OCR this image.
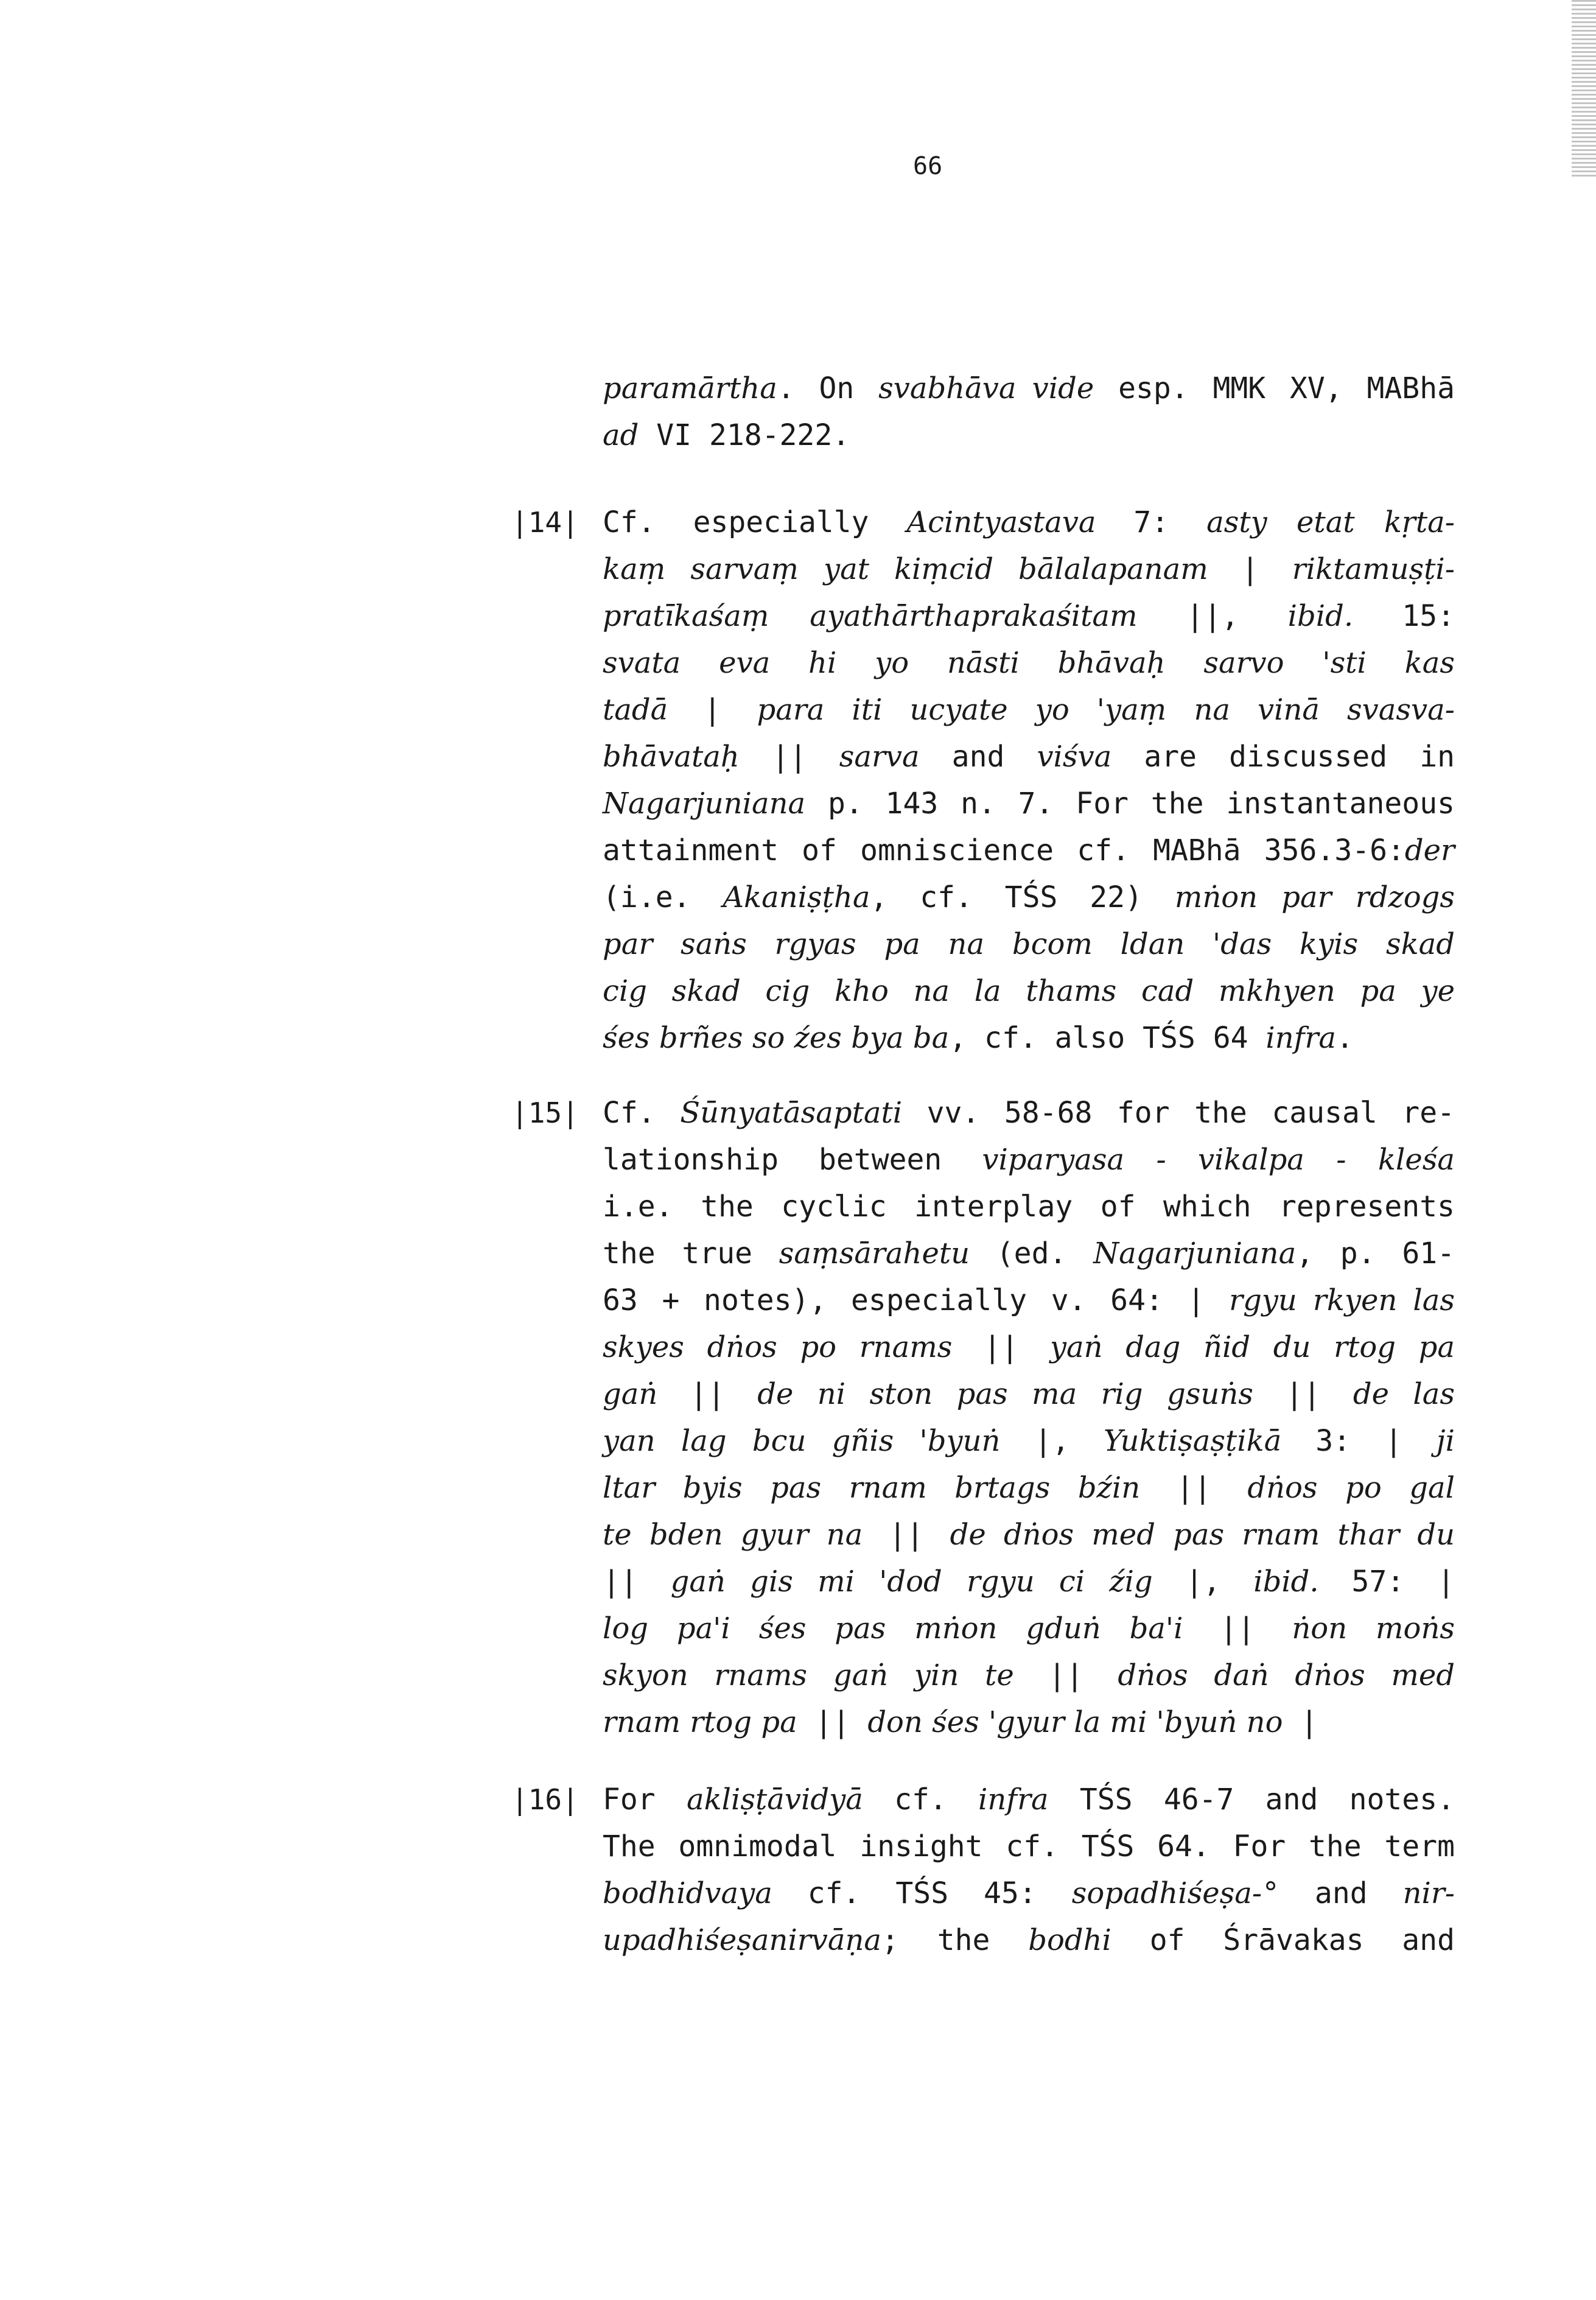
66

paramārtha. On svabhāva vide esp. MMK XV, MABhā

ad VI 218-222.

|14| Cf. especially Acintyastava 7: asty etat kṛta-

kaṃ sarvaṃ yat kiṃcid bālalapanam | riktamuṣṭi-

pratīkaśaṃ ayathārthaprakaśitam ||, ibid. 15:

svata eva hi yo nāsti bhāvaḥ sarvo 'sti kas

tadā | para iti ucyate yo 'yaṃ na vinā svasva-

bhāvataḥ || sarva and viśva are discussed in

Nagarjuniana p. 143 n. 7. For the instantaneous

attainment of omniscience cf. MABhā 356.3-6:der

(i.e. Akaniṣṭha, cf. TŚS 22) mṅon par rdzogs

par saṅs rgyas pa na bcom ldan 'das kyis skad

cig skad cig kho na la thams cad mkhyen pa ye

śes brñes so źes bya ba, cf. also TŚS 64 infra.

|15| Cf. Śūnyatāsaptati vv. 58-68 for the causal re-

lationship between viparyasa - vikalpa - kleśa

i.e. the cyclic interplay of which represents

the true saṃsārahetu (ed. Nagarjuniana, p. 61-

63 + notes), especially v. 64: | rgyu rkyen las

skyes dṅos po rnams || yaṅ dag ñid du rtog pa

gaṅ || de ni ston pas ma rig gsuṅs || de las

yan lag bcu gñis 'byuṅ |, Yuktiṣaṣṭikā 3: | ji

ltar byis pas rnam brtags bźin || dṅos po gal

te bden gyur na || de dṅos med pas rnam thar du

|| gaṅ gis mi 'dod rgyu ci źig |, ibid. 57: |

log pa'i śes pas mṅon gduṅ ba'i || ṅon moṅs

skyon rnams gaṅ yin te || dṅos daṅ dṅos med

rnam rtog pa || don śes 'gyur la mi 'byuṅ no |

|16| For akliṣṭāvidyā cf. infra TŚS 46-7 and notes.

The omnimodal insight cf. TŚS 64. For the term

bodhidvaya cf. TŚS 45: sopadhiśeṣa-° and nir-

upadhiśeṣanirvāṇa; the bodhi of Śrāvakas and
